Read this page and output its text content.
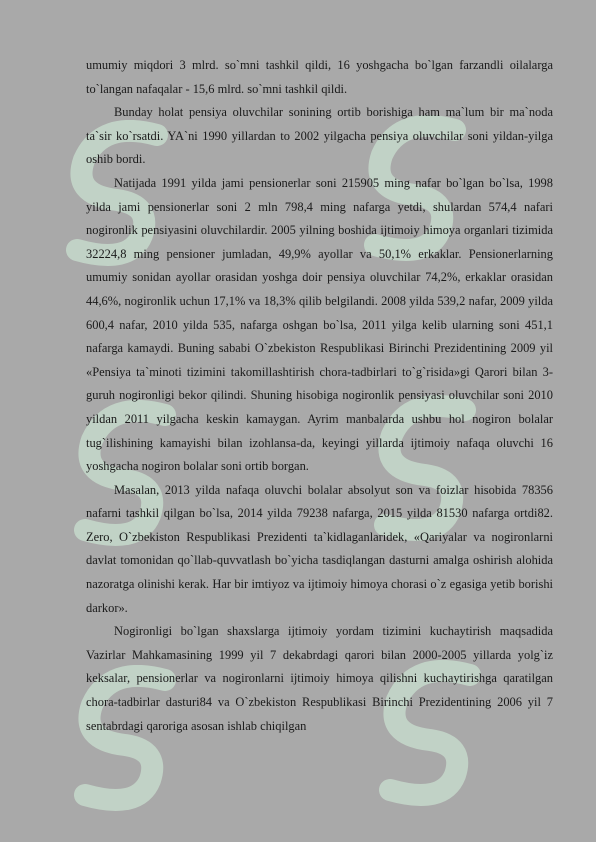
umumiy miqdori 3 mlrd. so`mni tashkil qildi, 16 yoshgacha bo`lgan farzandli oilalarga to`langan nafaqalar - 15,6 mlrd. so`mni tashkil qildi.

Bunday holat pensiya oluvchilar sonining ortib borishiga ham ma`lum bir ma`noda ta`sir ko`rsatdi. YA`ni 1990 yillardan to 2002 yilgacha pensiya oluvchilar soni yildan-yilga oshib bordi.

Natijada 1991 yilda jami pensionerlar soni 215905 ming nafar bo`lgan bo`lsa, 1998 yilda jami pensionerlar soni 2 mln 798,4 ming nafarga yetdi, shulardan 574,4 nafari nogironlik pensiyasini oluvchilardir. 2005 yilning boshida ijtimoiy himoya organlari tizimida 32224,8 ming pensioner jumladan, 49,9% ayollar va 50,1% erkaklar. Pensionerlarning umumiy sonidan ayollar orasidan yoshga doir pensiya oluvchilar 74,2%, erkaklar orasidan 44,6%, nogironlik uchun 17,1% va 18,3% qilib belgilandi. 2008 yilda 539,2 nafar, 2009 yilda 600,4 nafar, 2010 yilda 535, nafarga oshgan bo`lsa, 2011 yilga kelib ularning soni 451,1 nafarga kamaydi. Buning sababi O`zbekiston Respublikasi Birinchi Prezidentining 2009 yil «Pensiya ta`minoti tizimini takomillashtirish chora-tadbirlari to`g`risida»gi Qarori bilan 3-guruh nogironligi bekor qilindi. Shuning hisobiga nogironlik pensiyasi oluvchilar soni 2010 yildan 2011 yilgacha keskin kamaygan. Ayrim manbalarda ushbu hol nogiron bolalar tug`ilishining kamayishi bilan izohlansa-da, keyingi yillarda ijtimoiy nafaqa oluvchi 16 yoshgacha nogiron bolalar soni ortib borgan.

Masalan, 2013 yilda nafaqa oluvchi bolalar absolyut son va foizlar hisobida 78356 nafarni tashkil qilgan bo`lsa, 2014 yilda 79238 nafarga, 2015 yilda 81530 nafarga ortdi82. Zero, O`zbekiston Respublikasi Prezidenti ta`kidlaganlaridek, «Qariyalar va nogironlarni davlat tomonidan qo`llab-quvvatlash bo`yicha tasdiqlangan dasturni amalga oshirish alohida nazoratga olinishi kerak. Har bir imtiyoz va ijtimoiy himoya chorasi o`z egasiga yetib borishi darkor».

Nogironligi bo`lgan shaxslarga ijtimoiy yordam tizimini kuchaytirish maqsadida Vazirlar Mahkamasining 1999 yil 7 dekabrdagi qarori bilan 2000-2005 yillarda yolg`iz keksalar, pensionerlar va nogironlarni ijtimoiy himoya qilishni kuchaytirishga qaratilgan chora-tadbirlar dasturi84 va O`zbekiston Respublikasi Birinchi Prezidentining 2006 yil 7 sentabrdagi qaroriga asosan ishlab chiqilgan
